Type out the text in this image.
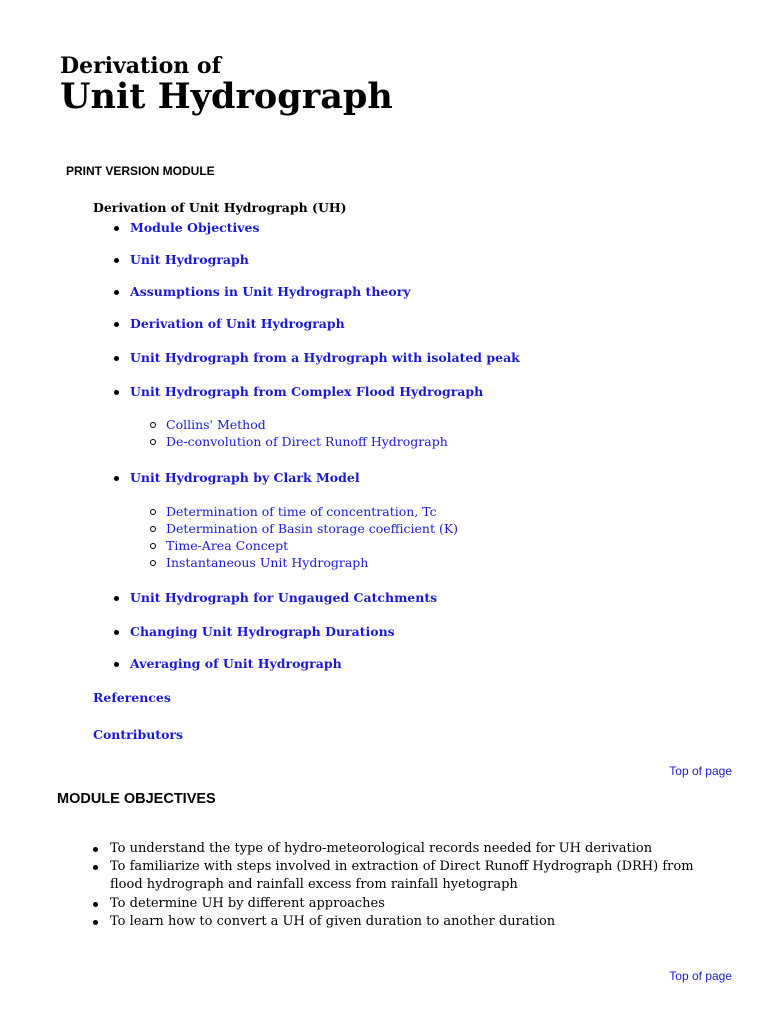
Derivation of
Unit Hydrograph
PRINT VERSION MODULE
Derivation of Unit Hydrograph (UH)
Module Objectives
Unit Hydrograph
Assumptions in Unit Hydrograph theory
Derivation of Unit Hydrograph
Unit Hydrograph from a Hydrograph with isolated peak
Unit Hydrograph from Complex Flood Hydrograph
Collins' Method
De-convolution of Direct Runoff Hydrograph
Unit Hydrograph by Clark Model
Determination of time of concentration, Tc
Determination of Basin storage coefficient (K)
Time-Area Concept
Instantaneous Unit Hydrograph
Unit Hydrograph for Ungauged Catchments
Changing Unit Hydrograph Durations
Averaging of Unit Hydrograph
References
Contributors
Top of page
MODULE OBJECTIVES
To understand the type of hydro-meteorological records needed for UH derivation
To familiarize with steps involved in extraction of Direct Runoff Hydrograph (DRH) from flood hydrograph and rainfall excess from rainfall hyetograph
To determine UH by different approaches
To learn how to convert a UH of given duration to another duration
Top of page
